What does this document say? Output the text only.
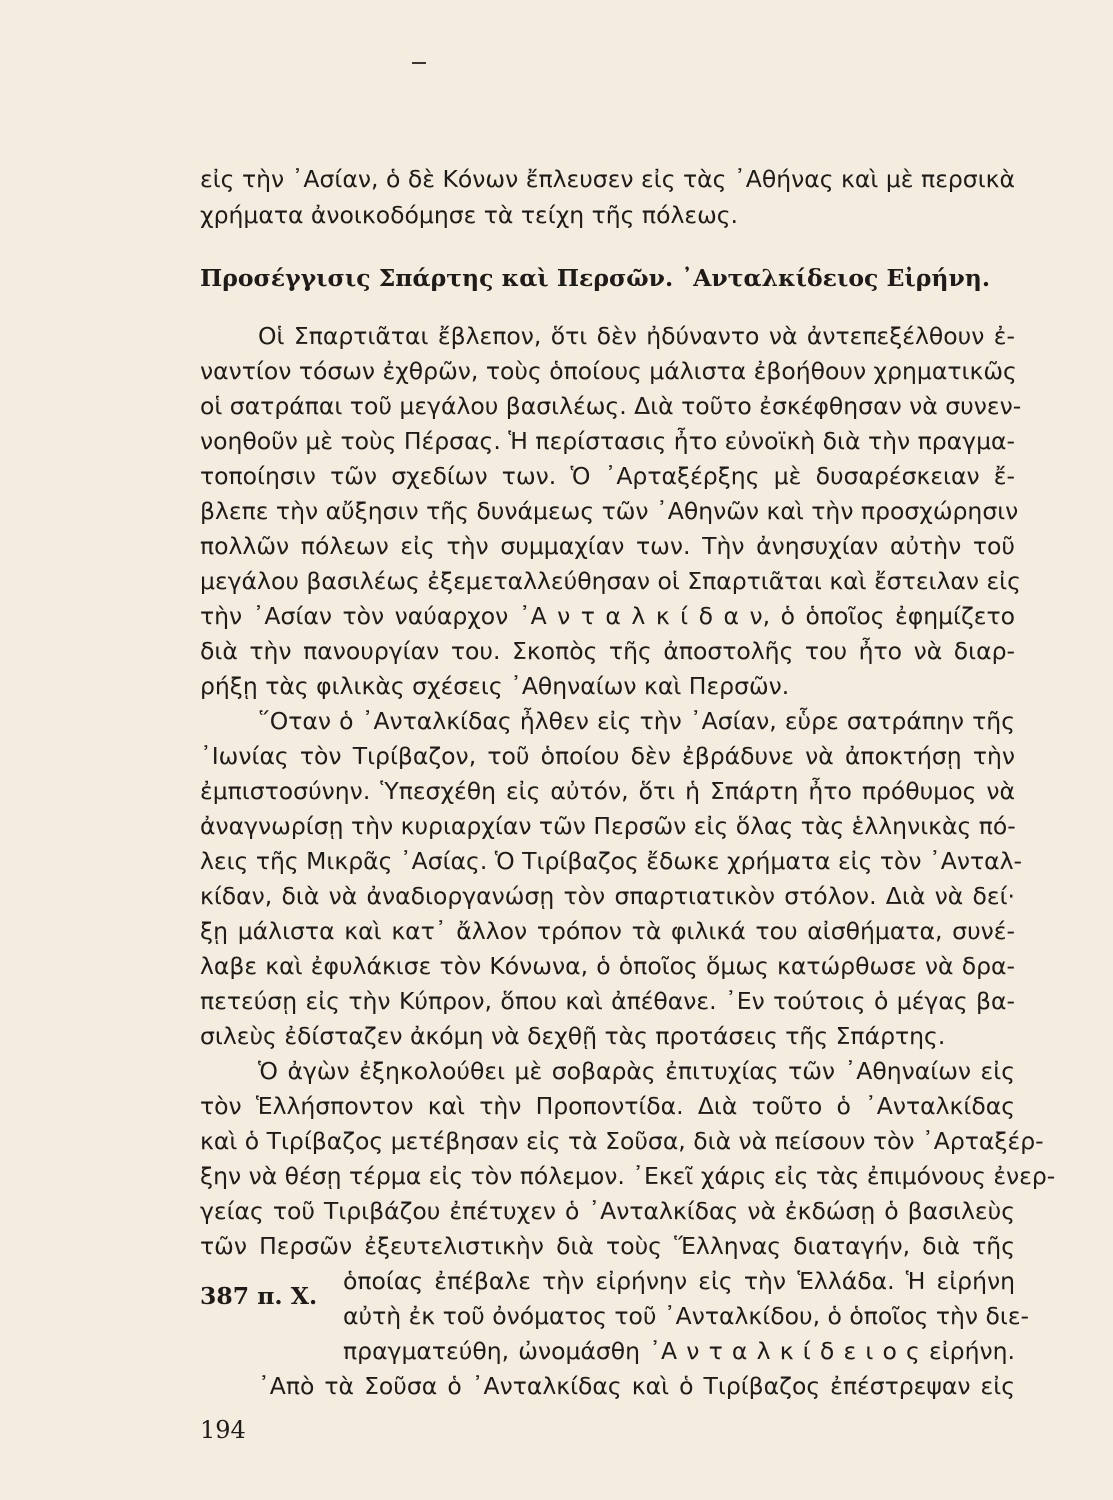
εἰς τὴν ᾿Ασίαν, ὁ δὲ Κόνων ἔπλευσεν εἰς τὰς ᾿Αθήνας καὶ μὲ περσικὰ
χρήματα ἀνοικοδόμησε τὰ τείχη τῆς πόλεως.
Προσέγγισις Σπάρτης καὶ Περσῶν. ᾿Ανταλκίδειος Εἰρήνη.
Οἱ Σπαρτιᾶται ἔβλεπον, ὅτι δὲν ἠδύναντο νὰ ἀντεπεξέλθουν ἐ-
ναντίον τόσων ἐχθρῶν, τοὺς ὁποίους μάλιστα ἐβοήθουν χρηματικῶς
οἱ σατράπαι τοῦ μεγάλου βασιλέως. Διὰ τοῦτο ἐσκέφθησαν νὰ συνεν-
νοηθοῦν μὲ τοὺς Πέρσας. Ἡ περίστασις ἦτο εὐνοϊκὴ διὰ τὴν πραγμα-
τοποίησιν τῶν σχεδίων των. Ὁ ᾿Αρταξέρξης μὲ δυσαρέσκειαν ἔ-
βλεπε τὴν αὔξησιν τῆς δυνάμεως τῶν ᾿Αθηνῶν καὶ τὴν προσχώρησιν
πολλῶν πόλεων εἰς τὴν συμμαχίαν των. Τὴν ἀνησυχίαν αὐτὴν τοῦ
μεγάλου βασιλέως ἐξεμεταλλεύθησαν οἱ Σπαρτιᾶται καὶ ἔστειλαν εἰς
τὴν ᾿Ασίαν τὸν ναύαρχον ᾿Α ν τ α λ κ ί δ α ν, ὁ ὁποῖος ἐφημίζετο
διὰ τὴν πανουργίαν του. Σκοπὸς τῆς ἀποστολῆς του ἦτο νὰ διαρ-
ρήξῃ τὰς φιλικὰς σχέσεις ᾿Αθηναίων καὶ Περσῶν.
῞Οταν ὁ ᾿Ανταλκίδας ἦλθεν εἰς τὴν ᾿Ασίαν, εὗρε σατράπην τῆς
᾿Ιωνίας τὸν Τιρίβαζον, τοῦ ὁποίου δὲν ἐβράδυνε νὰ ἀποκτήσῃ τὴν
ἐμπιστοσύνην. Ὑπεσχέθη εἰς αὐτόν, ὅτι ἡ Σπάρτη ἦτο πρόθυμος νὰ
ἀναγνωρίσῃ τὴν κυριαρχίαν τῶν Περσῶν εἰς ὅλας τὰς ἑλληνικὰς πό-
λεις τῆς Μικρᾶς ᾿Ασίας. Ὁ Τιρίβαζος ἔδωκε χρήματα εἰς τὸν ᾿Ανταλ-
κίδαν, διὰ νὰ ἀναδιοργανώσῃ τὸν σπαρτιατικὸν στόλον. Διὰ νὰ δεί·
ξῃ μάλιστα καὶ κατ᾿ ἄλλον τρόπον τὰ φιλικά του αἰσθήματα, συνέ-
λαβε καὶ ἐφυλάκισε τὸν Κόνωνα, ὁ ὁποῖος ὅμως κατώρθωσε νὰ δρα-
πετεύσῃ εἰς τὴν Κύπρον, ὅπου καὶ ἀπέθανε. ᾿Εν τούτοις ὁ μέγας βα-
σιλεὺς ἐδίσταζεν ἀκόμη νὰ δεχθῇ τὰς προτάσεις τῆς Σπάρτης.
Ὁ ἀγὼν ἐξηκολούθει μὲ σοβαρὰς ἐπιτυχίας τῶν ᾿Αθηναίων εἰς
τὸν Ἑλλήσποντον καὶ τὴν Προποντίδα. Διὰ τοῦτο ὁ ᾿Ανταλκίδας
καὶ ὁ Τιρίβαζος μετέβησαν εἰς τὰ Σοῦσα, διὰ νὰ πείσουν τὸν ᾿Αρταξέρ-
ξην νὰ θέσῃ τέρμα εἰς τὸν πόλεμον. ᾿Εκεῖ χάρις εἰς τὰς ἐπιμόνους ἐνερ-
γείας τοῦ Τιριβάζου ἐπέτυχεν ὁ ᾿Ανταλκίδας νὰ ἐκδώσῃ ὁ βασιλεὺς
τῶν Περσῶν ἐξευτελιστικὴν διὰ τοὺς Ἕλληνας διαταγήν, διὰ τῆς
ὁποίας ἐπέβαλε τὴν εἰρήνην εἰς τὴν Ἑλλάδα. Ἡ εἰρήνη
387 π. Χ.
αὐτὴ ἐκ τοῦ ὀνόματος τοῦ ᾿Ανταλκίδου, ὁ ὁποῖος τὴν διε-
πραγματεύθη, ὠνομάσθη ᾿Α ν τ α λ κ ί δ ε ι ο ς εἰρήνη.
᾿Απὸ τὰ Σοῦσα ὁ ᾿Ανταλκίδας καὶ ὁ Τιρίβαζος ἐπέστρεψαν εἰς
194
